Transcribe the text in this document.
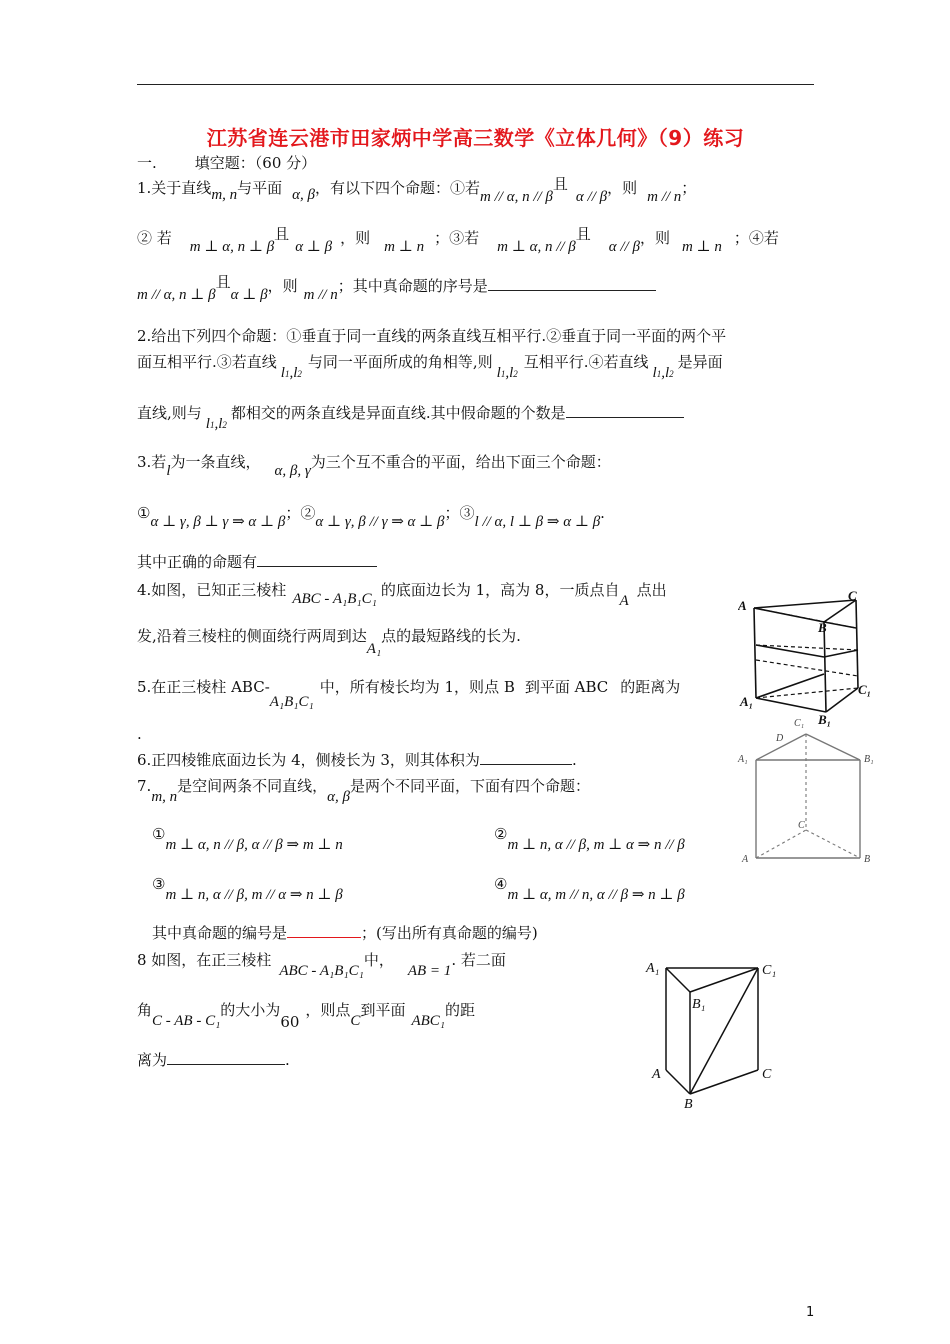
江苏省连云港市田家炳中学高三数学《立体几何》（9）练习
一.	填空题：（60 分）
1.关于直线m, n与平面 α, β，有以下四个命题：①若m // α, n // β且α // β，则 m // n；
② 若 m ⊥ α, n ⊥ β且α ⊥ β ，则 m ⊥ n ；③若 m ⊥ α, n // β且α // β，则 m ⊥ n ；④若
m // α, n ⊥ β且α ⊥ β，则 m // n；其中真命题的序号是
2.给出下列四个命题：①垂直于同一直线的两条直线互相平行.②垂直于同一平面的两个平
面互相平行.③若直线l1,l2与同一平面所成的角相等,则l1,l2互相平行.④若直线l1,l2是异面
直线,则与l1,l2都相交的两条直线是异面直线.其中假命题的个数是
3.若l为一条直线， α, β, γ为三个互不重合的平面，给出下面三个命题：
①α ⊥ γ, β ⊥ γ ⇒ α ⊥ β；②α ⊥ γ, β // γ ⇒ α ⊥ β；③l // α, l ⊥ β ⇒ α ⊥ β.
其中正确的命题有
4.如图，已知正三棱柱 ABC - A₁B₁C₁ 的底面边长为 1，高为 8，一质点自A点出
发,沿着三棱柱的侧面绕行两周到达A₁点的最短路线的长为.
5.在正三棱柱 ABC-A₁B₁C₁中，所有棱长均为 1，则点 B 到平面 ABC 的距离为
.
6.正四棱锥底面边长为 4，侧棱长为 3，则其体积为	.
7.m, n是空间两条不同直线，α, β是两个不同平面，下面有四个命题：
①m ⊥ α, n // β, α // β ⇒ m ⊥ n
②m ⊥ n, α // β, m ⊥ α ⇒ n // β
③m ⊥ n, α // β, m // α ⇒ n ⊥ β
④m ⊥ α, m // n, α // β ⇒ n ⊥ β
其中真命题的编号是	；(写出所有真命题的编号)
8 如图，在正三棱柱ABC - A₁B₁C₁中，AB = 1. 若二面
角C - AB - C₁的大小为60，则点C到平面ABC₁的距
离为	.
A
B
C
A₁
B₁
C₁
C₁
D
A₁	B₁
C
A	B
A₁	C₁
B₁
A	C
B
1
